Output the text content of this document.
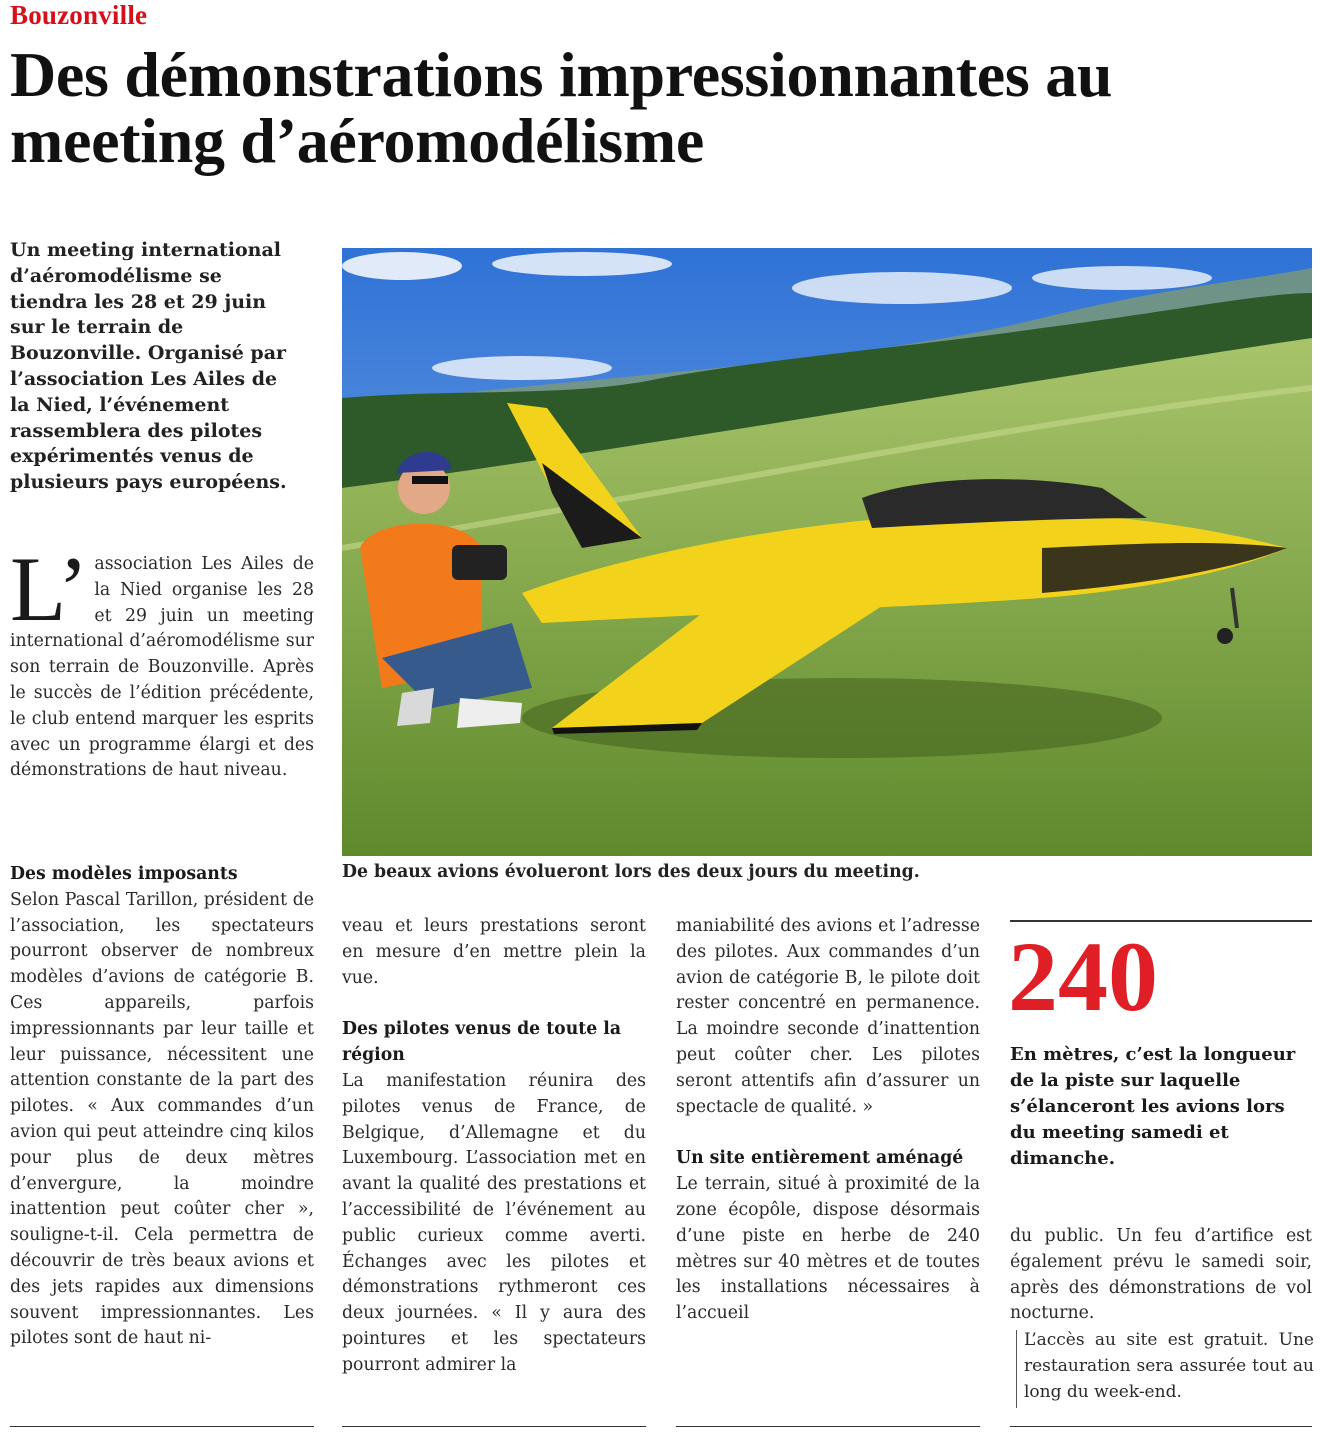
Bouzonville
Des démonstrations impressionnantes au meeting d’aéromodélisme
Un meeting international d’aéromodélisme se tiendra les 28 et 29 juin sur le terrain de Bouzonville. Organisé par l’association Les Ailes de la Nied, l’événement rassemblera des pilotes expérimentés venus de plusieurs pays européens.
L’ association Les Ailes de la Nied organise les 28 et 29 juin un meeting international d’aéromodélisme sur son terrain de Bouzonville. Après le succès de l’édition précédente, le club entend marquer les esprits avec un programme élargi et des démonstrations de haut niveau.
De beaux avions évolueront lors des deux jours du meeting.
Des modèles imposants

Selon Pascal Tarillon, président de l’association, les spectateurs pourront observer de nombreux modèles d’avions de catégorie B. Ces appareils, parfois impressionnants par leur taille et leur puissance, nécessitent une attention constante de la part des pilotes. « Aux commandes d’un avion qui peut atteindre cinq kilos pour plus de deux mètres d’envergure, la moindre inattention peut coûter cher », souligne-t-il. Cela permettra de découvrir de très beaux avions et des jets rapides aux dimensions souvent impressionnantes. Les pilotes sont de haut ni-

veau et leurs prestations seront en mesure d’en mettre plein la vue.

Des pilotes venus de toute la région

La manifestation réunira des pilotes venus de France, de Belgique, d’Allemagne et du Luxembourg. L’association met en avant la qualité des prestations et l’accessibilité de l’événement au public curieux comme averti. Échanges avec les pilotes et démonstrations rythmeront ces deux journées. « Il y aura des pointures et les spectateurs pourront admirer la

maniabilité des avions et l’adresse des pilotes. Aux commandes d’un avion de catégorie B, le pilote doit rester concentré en permanence. La moindre seconde d’inattention peut coûter cher. Les pilotes seront attentifs afin d’assurer un spectacle de qualité. »

Un site entièrement aménagé

Le terrain, situé à proximité de la zone écopôle, dispose désormais d’une piste en herbe de 240 mètres sur 40 mètres et de toutes les installations nécessaires à l’accueil

240
En mètres, c’est la longueur de la piste sur laquelle s’élanceront les avions lors du meeting samedi et dimanche.

du public. Un feu d’artifice est également prévu le samedi soir, après des démonstrations de vol nocturne.

L’accès au site est gratuit. Une restauration sera assurée tout au long du week-end.
